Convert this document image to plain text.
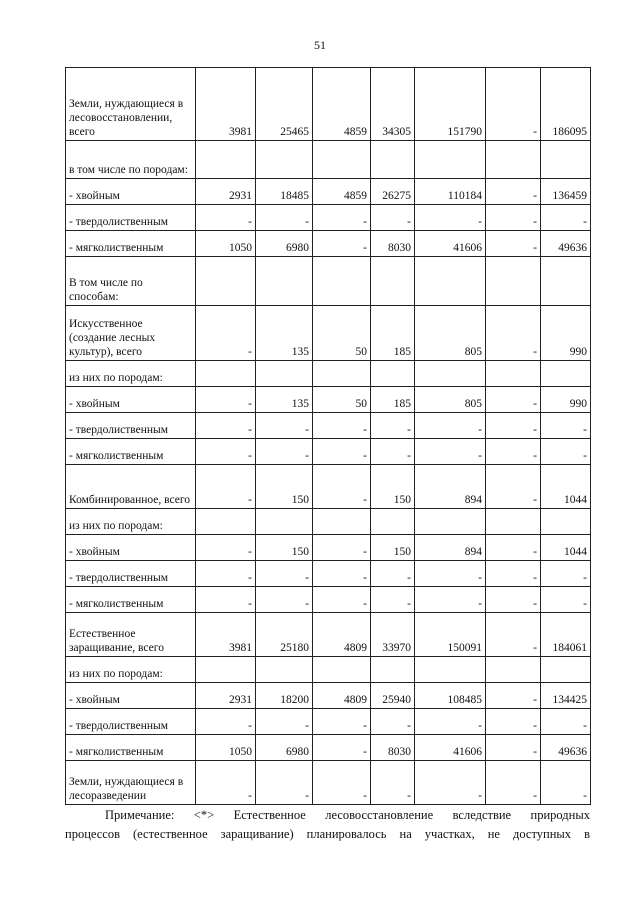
51
Земли, нуждающиеся в лесовосстановлении, всего	3981	25465	4859	34305	151790	-	186095
в том числе по породам:							
- хвойным	2931	18485	4859	26275	110184	-	136459
- твердолиственным	-	-	-	-	-	-	-
- мягколиственным	1050	6980	-	8030	41606	-	49636
В том числе по способам:							
Искусственное (создание лесных культур), всего	-	135	50	185	805	-	990
из них по породам:							
- хвойным	-	135	50	185	805	-	990
- твердолиственным	-	-	-	-	-	-	-
- мягколиственным	-	-	-	-	-	-	-
Комбинированное, всего	-	150	-	150	894	-	1044
из них по породам:							
- хвойным	-	150	-	150	894	-	1044
- твердолиственным	-	-	-	-	-	-	-
- мягколиственным	-	-	-	-	-	-	-
Естественное заращивание, всего	3981	25180	4809	33970	150091	-	184061
из них по породам:							
- хвойным	2931	18200	4809	25940	108485	-	134425
- твердолиственным	-	-	-	-	-	-	-
- мягколиственным	1050	6980	-	8030	41606	-	49636
Земли, нуждающиеся в лесоразведении	-	-	-	-	-	-	-
Примечание: <*> Естественное лесовосстановление вследствие природных
процессов (естественное заращивание) планировалось на участках, не доступных в
